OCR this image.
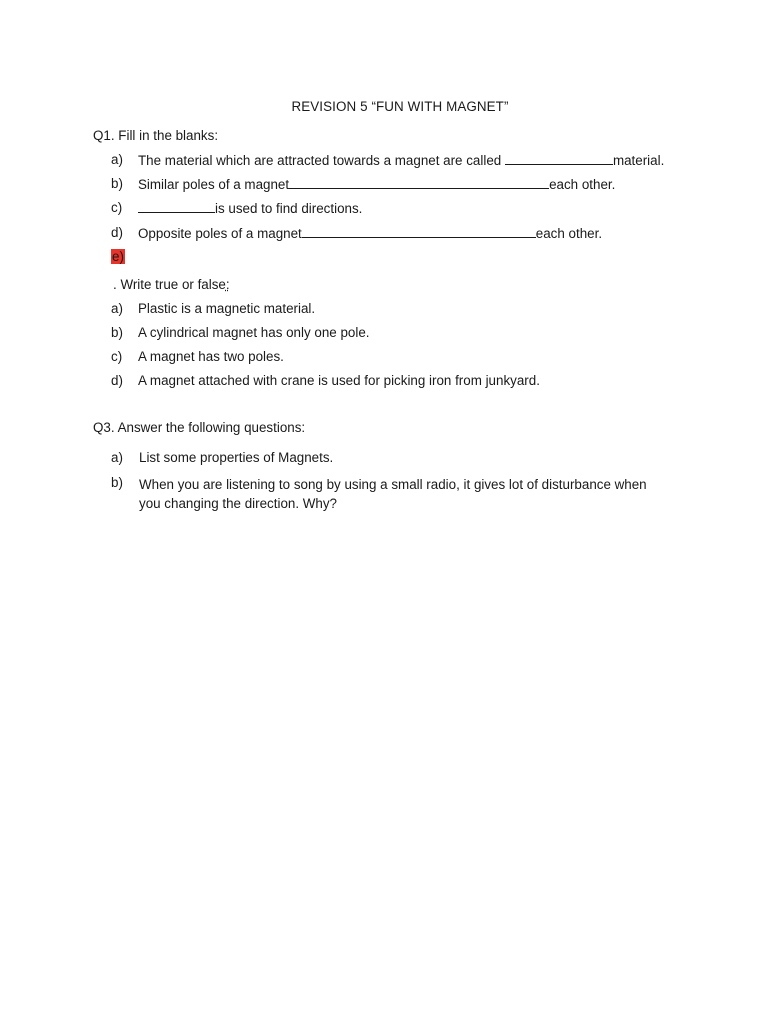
REVISION 5 “FUN WITH MAGNET”
Q1. Fill in the blanks:
a) The material which are attracted towards a magnet are called	material.
b) Similar poles of a magnet	each other.
c)	is used to find directions.
d) Opposite poles of a magnet	each other.
e)
. Write true or false:
a) Plastic is a magnetic material.
b) A cylindrical magnet has only one pole.
c) A magnet has two poles.
d) A magnet attached with crane is used for picking iron from junkyard.
Q3. Answer the following questions:
a) List some properties of Magnets.
b) When you are listening to song by using a small radio, it gives lot of disturbance when you changing the direction. Why?
